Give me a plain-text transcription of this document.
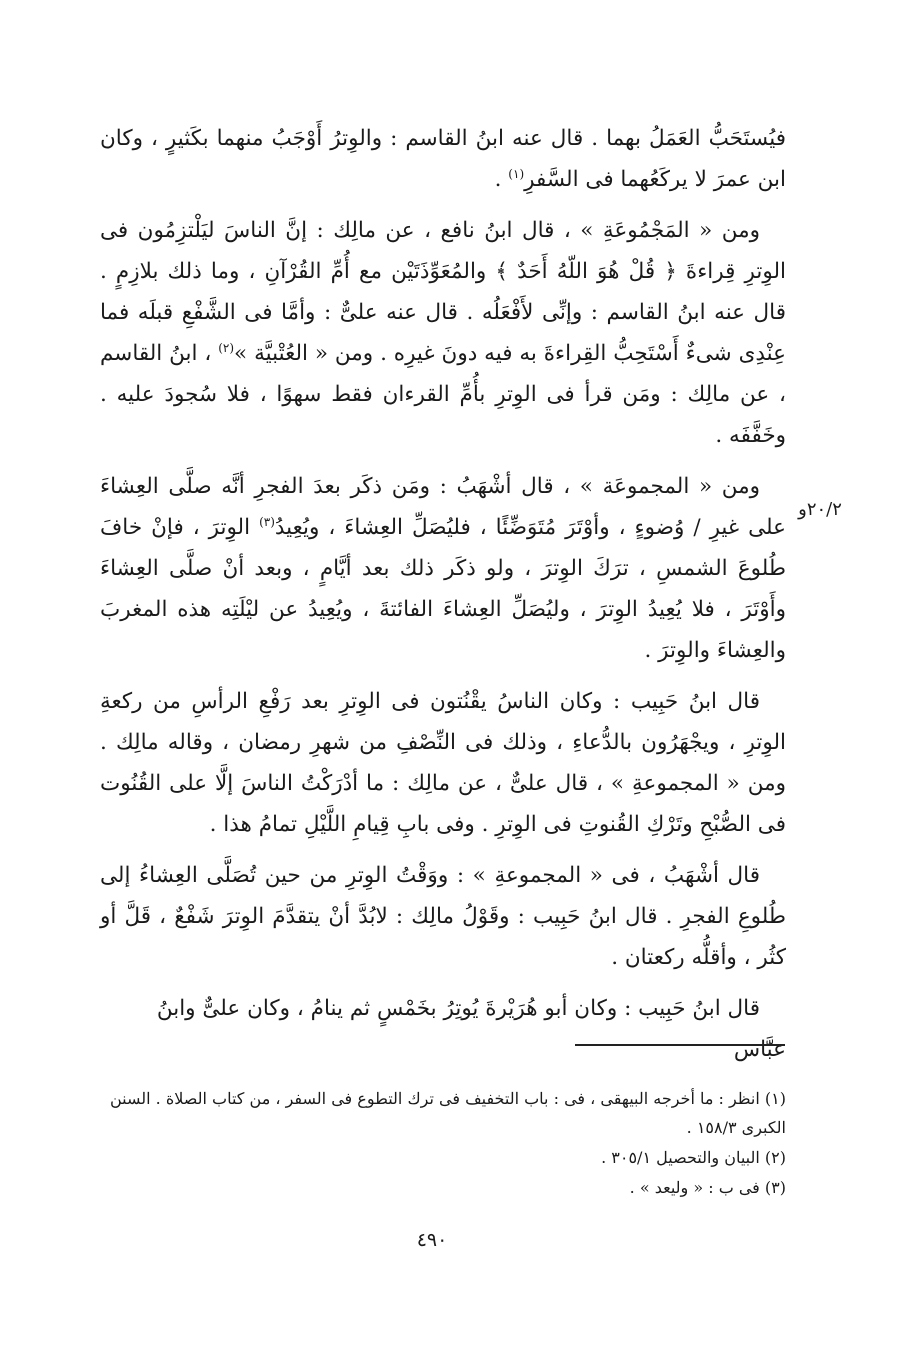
فيُستَحَبُّ العَمَلُ بهما . قال عنه ابنُ القاسم : والوِترُ أَوْجَبُ منهما بكَثيرٍ ، وكان ابن عمرَ لا يركَعُهما فى السَّفرِ$^{(١)}$ .

ومن « المَجْمُوعَةِ » ، قال ابنُ نافع ، عن مالِك : إنَّ الناسَ ليَلْتزِمُون فى الوِترِ قِراءةَ ﴿ قُلْ هُوَ اللّهُ أَحَدٌ ﴾ والمُعَوِّذَتَيْن مع أُمِّ القُرْآنِ ، وما ذلك بلازِمٍ . قال عنه ابنُ القاسم : وإنِّى لأَفْعَلُه . قال عنه علىٌّ : وأمَّا فى الشَّفْعِ قبلَه فما عِنْدِى شىءٌ أَسْتَحِبُّ القِراءةَ به فيه دونَ غيرِه . ومن « العُتْبيَّة »$^{(٢)}$ ، ابنُ القاسم ، عن مالِك : ومَن قرأ فى الوِترِ بأُمِّ القرءان فقط سهوًا ، فلا سُجودَ عليه . وخَفَّفَه .

ومن « المجموعَة » ، قال أشْهَبُ : ومَن ذكَر بعدَ الفجرِ أنَّه صلَّى العِشاءَ على غيرِ / وُضوءٍ ، وأوْتَرَ مُتَوَضِّئًا ، فليُصَلِّ العِشاءَ ، ويُعِيدُ$^{(٣)}$ الوِترَ ، فإنْ خافَ طُلوعَ الشمسِ ، ترَكَ الوِترَ ، ولو ذكَر ذلك بعد أيَّامٍ ، وبعد أنْ صلَّى العِشاءَ وأَوْتَرَ ، فلا يُعِيدُ الوِترَ ، وليُصَلِّ العِشاءَ الفائتةَ ، ويُعِيدُ عن ليْلَتِه هذه المغربَ والعِشاءَ والوِترَ .

قال ابنُ حَبِيب : وكان الناسُ يقْنُتون فى الوِترِ بعد رَفْعِ الرأسِ من ركعةِ الوِترِ ، ويجْهَرُون بالدُّعاءِ ، وذلك فى النِّصْفِ من شهرِ رمضان ، وقاله مالِك . ومن « المجموعةِ » ، قال علىٌّ ، عن مالِك : ما أدْرَكْتُ الناسَ إلَّا على القُنُوت فى الصُّبْحِ وتَرْكِ القُنوتِ فى الوِترِ . وفى بابِ قِيامِ اللَّيْلِ تمامُ هذا .

قال أشْهَبُ ، فى « المجموعةِ » : ووَقْتُ الوِترِ من حين تُصَلَّى العِشاءُ إلى طُلوعِ الفجرِ . قال ابنُ حَبِيب : وقَوْلُ مالِك : لابُدَّ أنْ يتقدَّمَ الوِترَ شَفْعٌ ، قَلَّ أو كثُر ، وأقلُّه ركعتان .

قال ابنُ حَبِيب : وكان أبو هُرَيْرةَ يُوتِرُ بخَمْسٍ ثم ينامُ ، وكان علىٌّ وابنُ عبَّاس

٢٠/٢و

(١) انظر : ما أخرجه البيهقى ، فى : باب التخفيف فى ترك التطوع فى السفر ، من كتاب الصلاة . السنن الكبرى ١٥٨/٣ .

(٢) البيان والتحصيل ٣٠٥/١ .

(٣) فى ب : « وليعد » .

٤٩٠
